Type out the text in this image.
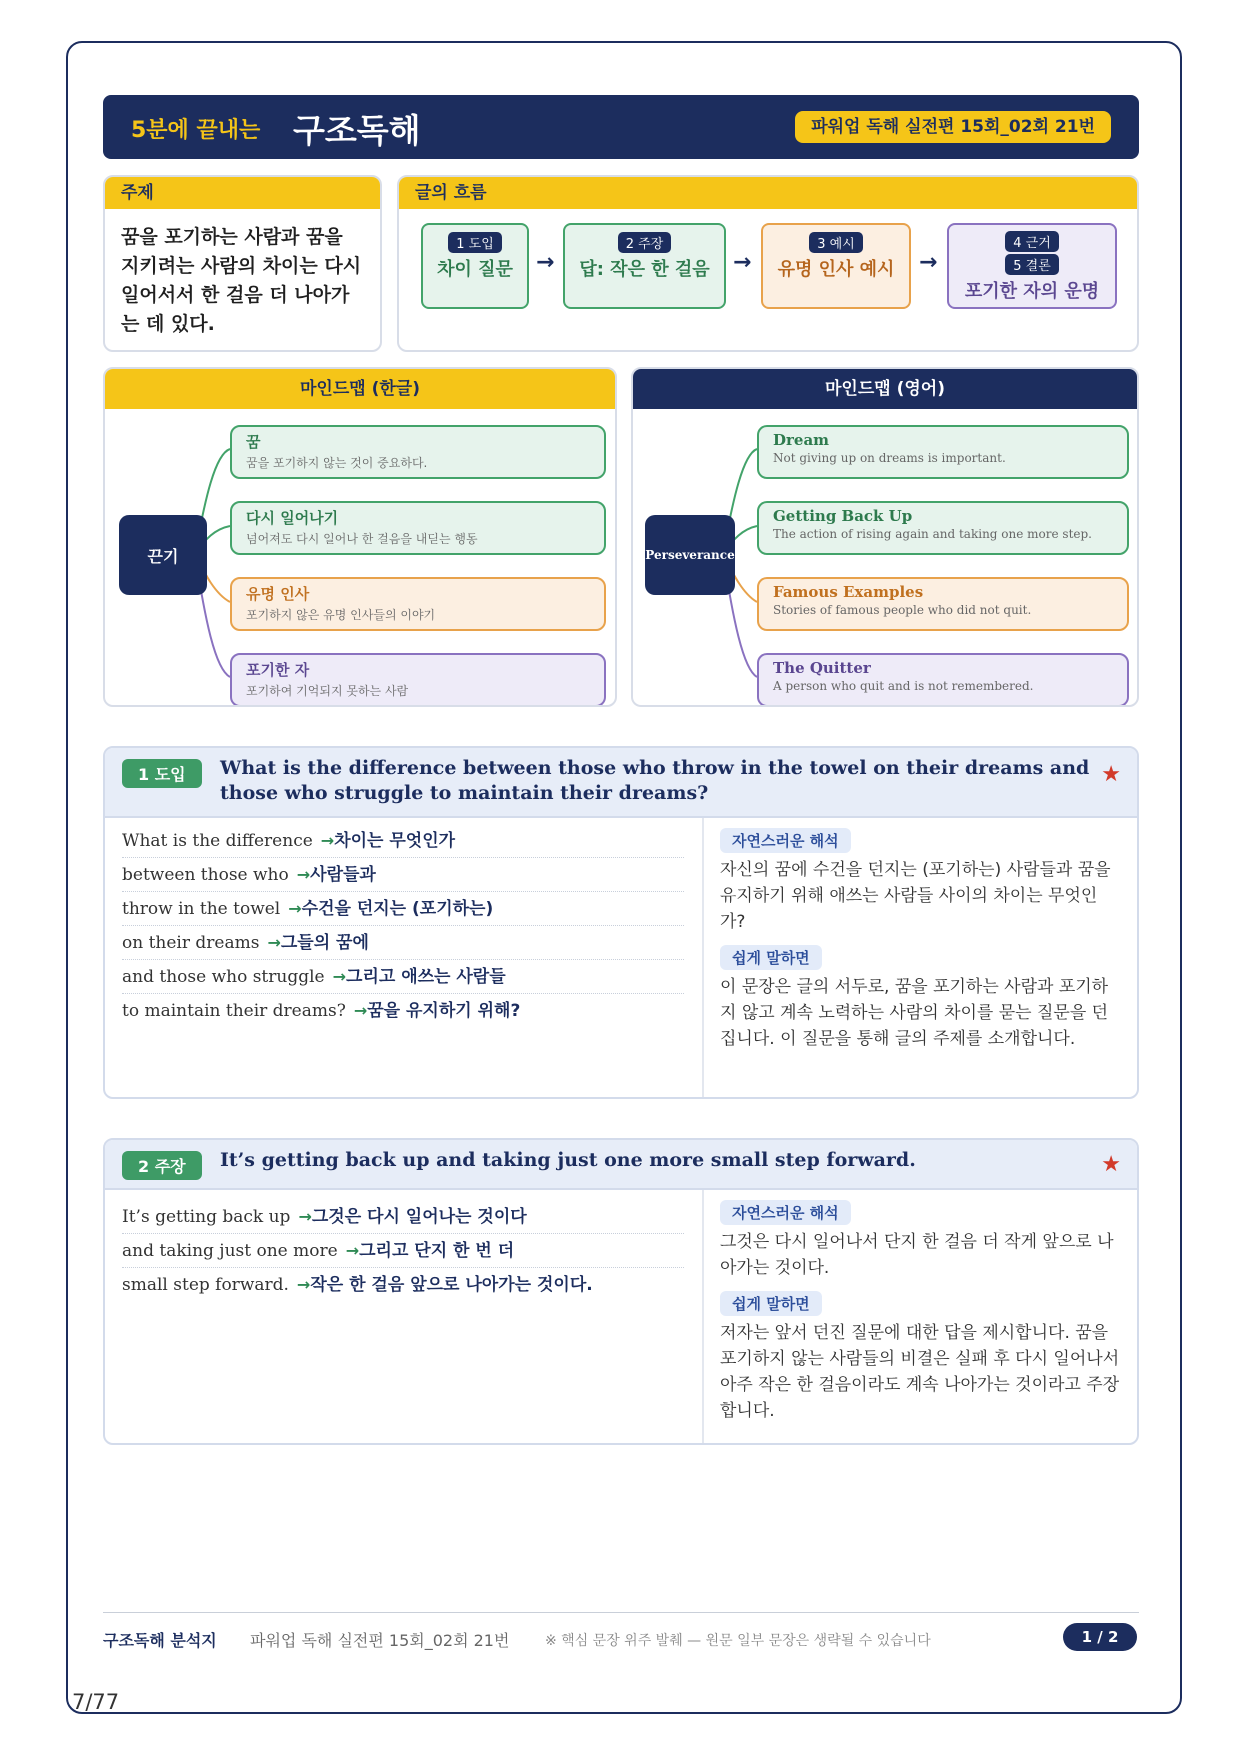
5분에 끝내는 구조독해	파워업 독해 실전편 15회_02회 21번
주제
꿈을 포기하는 사람과 꿈을 지키려는 사람의 차이는 다시 일어서서 한 걸음 더 나아가는 데 있다.
글의 흐름
1 도입
차이 질문	→
2 주장
답: 작은 한 걸음	→
3 예시
유명 인사 예시	→
4 근거
5 결론
포기한 자의 운명
마인드맵 (한글)
끈기
꿈
꿈을 포기하지 않는 것이 중요하다.
다시 일어나기
넘어져도 다시 일어나 한 걸음을 내딛는 행동
유명 인사
포기하지 않은 유명 인사들의 이야기
포기한 자
포기하여 기억되지 못하는 사람
마인드맵 (영어)
Perseverance
Dream
Not giving up on dreams is important.
Getting Back Up
The action of rising again and taking one more step.
Famous Examples
Stories of famous people who did not quit.
The Quitter
A person who quit and is not remembered.
1 도입	What is the difference between those who throw in the towel on their dreams and those who struggle to maintain their dreams?
★
What is the difference →차이는 무엇인가
between those who →사람들과
throw in the towel →수건을 던지는 (포기하는)
on their dreams →그들의 꿈에
and those who struggle →그리고 애쓰는 사람들
to maintain their dreams? →꿈을 유지하기 위해?
자연스러운 해석
자신의 꿈에 수건을 던지는 (포기하는) 사람들과 꿈을 유지하기 위해 애쓰는 사람들 사이의 차이는 무엇인가?
쉽게 말하면
이 문장은 글의 서두로, 꿈을 포기하는 사람과 포기하지 않고 계속 노력하는 사람의 차이를 묻는 질문을 던집니다. 이 질문을 통해 글의 주제를 소개합니다.
2 주장	It’s getting back up and taking just one more small step forward.	★
It’s getting back up →그것은 다시 일어나는 것이다
and taking just one more →그리고 단지 한 번 더
small step forward. →작은 한 걸음 앞으로 나아가는 것이다.
자연스러운 해석
그것은 다시 일어나서 단지 한 걸음 더 작게 앞으로 나아가는 것이다.
쉽게 말하면
저자는 앞서 던진 질문에 대한 답을 제시합니다. 꿈을 포기하지 않는 사람들의 비결은 실패 후 다시 일어나서 아주 작은 한 걸음이라도 계속 나아가는 것이라고 주장합니다.
구조독해 분석지 파워업 독해 실전편 15회_02회 21번	※ 핵심 문장 위주 발췌 — 원문 일부 문장은 생략될 수 있습니다	1 / 2
7/77
